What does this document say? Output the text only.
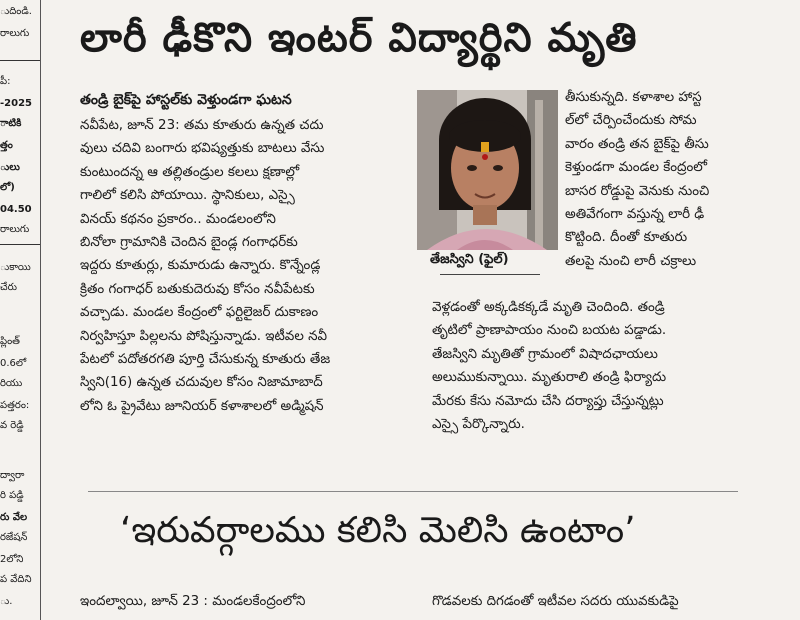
ుదిండి.
రాలుగు
పీ:
-2025
ాటికి
త్తం
ులు
లో)
04.50
రాలుగు
ుకాయి
చేరు
ప్లింత్
0.6లో
రియు
పత్తరం:
వ రెడ్డి
ద్వారా
రి పడ్డి
రు వేల
రజేషన్
2లోని
ప వేదిని
ు.
లారీ ఢీకొని ఇంటర్ విద్యార్థిని మృతి
తండ్రి బైక్‌పై హాస్టల్‌కు వెళ్తుండగా ఘటన
నవీపేట, జూన్ 23: తమ కూతురు ఉన్నత చదు
వులు చదివి బంగారు భవిష్యత్తుకు బాటలు వేసు
కుంటుందన్న ఆ తల్లితండ్రుల కలలు క్షణాల్లో
గాలిలో కలిసి పోయాయి. స్థానికులు, ఎస్సై
వినయ్ కథనం ప్రకారం.. మండలంలోని
బినోలా గ్రామానికి చెందిన బైండ్ల గంగాధర్‌కు
ఇద్దరు కూతుర్లు, కుమారుడు ఉన్నారు. కొన్నేండ్ల
క్రితం గంగాధర్ బతుకుదెరువు కోసం నవీపేటకు
వచ్చాడు. మండల కేంద్రంలో ఫర్టిలైజర్ దుకాణం
నిర్వహిస్తూ పిల్లలను పోషిస్తున్నాడు. ఇటీవల నవీ
పేటలో పదోతరగతి పూర్తి చేసుకున్న కూతురు తేజ
స్విని(16) ఉన్నత చదువుల కోసం నిజామాబాద్
లోని ఓ ప్రైవేటు జూనియర్ కళాశాలలో అడ్మిషన్
తేజస్విని (ఫైల్)
తీసుకున్నది. కళాశాల హాస్ట
ల్‌లో చేర్పించేందుకు సోమ
వారం తండ్రి తన బైక్‌పై తీసు
కెళ్తుండగా మండల కేంద్రంలో
బాసర రోడ్డుపై వెనుకు నుంచి
అతివేగంగా వస్తున్న లారీ ఢీ
కొట్టింది. దీంతో కూతురు
తలపై నుంచి లారీ చక్రాలు
వెళ్లడంతో అక్కడికక్కడే మృతి చెందింది. తండ్రి
తృటిలో ప్రాణాపాయం నుంచి బయట పడ్డాడు.
తేజస్విని మృతితో గ్రామంలో విషాదఛాయలు
అలుముకున్నాయి. మృతురాలి తండ్రి ఫిర్యాదు
మేరకు కేసు నమోదు చేసి దర్యాప్తు చేస్తున్నట్లు
ఎస్సై పేర్కొన్నారు.
‘ఇరువర్గాలము కలిసి మెలిసి ఉంటాం’
ఇందల్వాయి, జూన్ 23 : మండలకేంద్రంలోని	గొడవలకు దిగడంతో ఇటీవల సదరు యువకుడిపై
